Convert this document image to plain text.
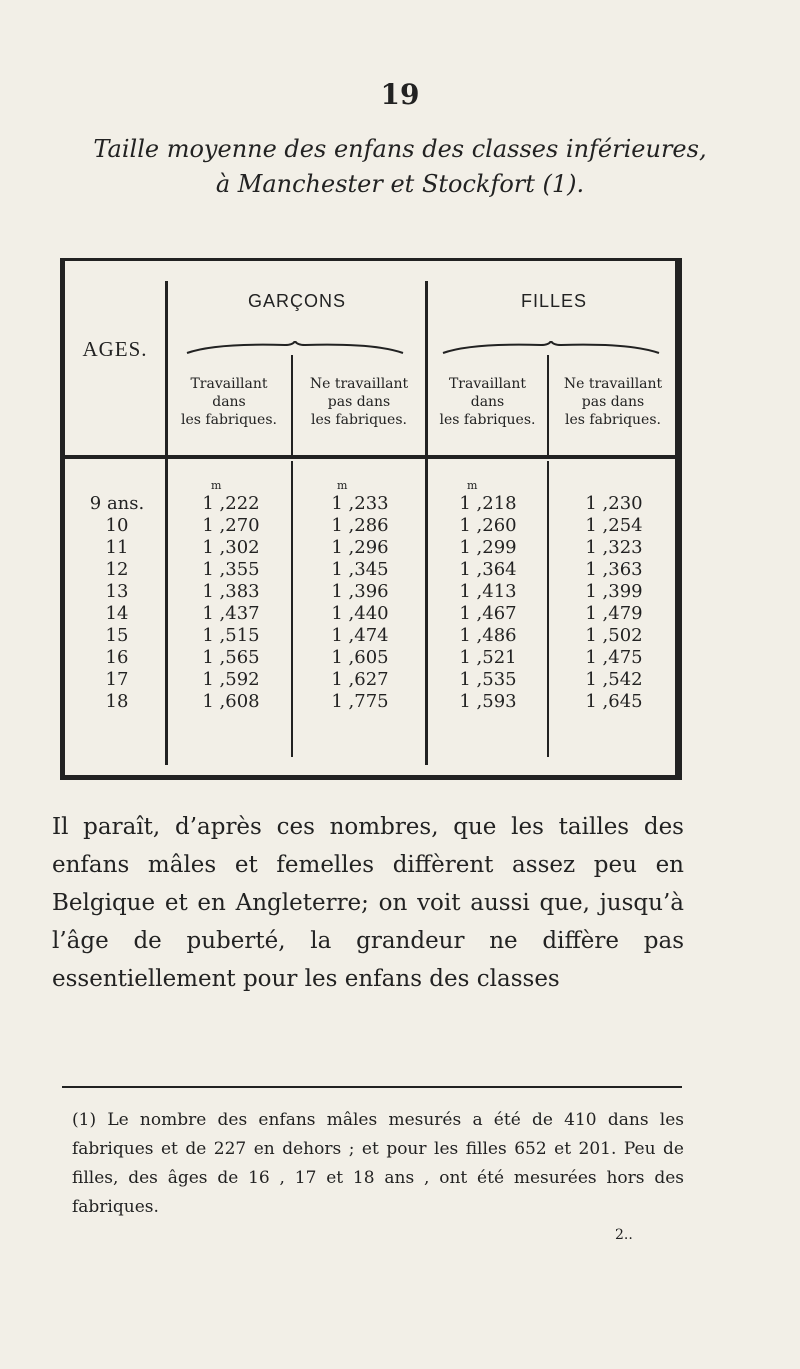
19
Taille moyenne des enfans des classes inférieures,
à Manchester et Stockfort (1).
AGES.
GARÇONS	FILLES
Travaillant
dans
les fabriques.
Ne travaillant
pas dans
les fabriques.
Travaillant
dans
les fabriques.
Ne travaillant
pas dans
les fabriques.
m	m	m
9 ans.	1 ,222	1 ,233	1 ,218	1 ,230
10	1 ,270	1 ,286	1 ,260	1 ,254
11	1 ,302	1 ,296	1 ,299	1 ,323
12	1 ,355	1 ,345	1 ,364	1 ,363
13	1 ,383	1 ,396	1 ,413	1 ,399
14	1 ,437	1 ,440	1 ,467	1 ,479
15	1 ,515	1 ,474	1 ,486	1 ,502
16	1 ,565	1 ,605	1 ,521	1 ,475
17	1 ,592	1 ,627	1 ,535	1 ,542
18	1 ,608	1 ,775	1 ,593	1 ,645
Il paraît, d’après ces nombres, que les tailles des enfans mâles et femelles diffèrent assez peu en Belgique et en Angleterre; on voit aussi que, jusqu’à l’âge de puberté, la grandeur ne diffère pas essentiellement pour les enfans des classes
(1) Le nombre des enfans mâles mesurés a été de 410 dans les fabriques et de 227 en dehors ; et pour les filles 652 et 201. Peu de filles, des âges de 16 , 17 et 18 ans , ont été mesurées hors des fabriques.
2..
